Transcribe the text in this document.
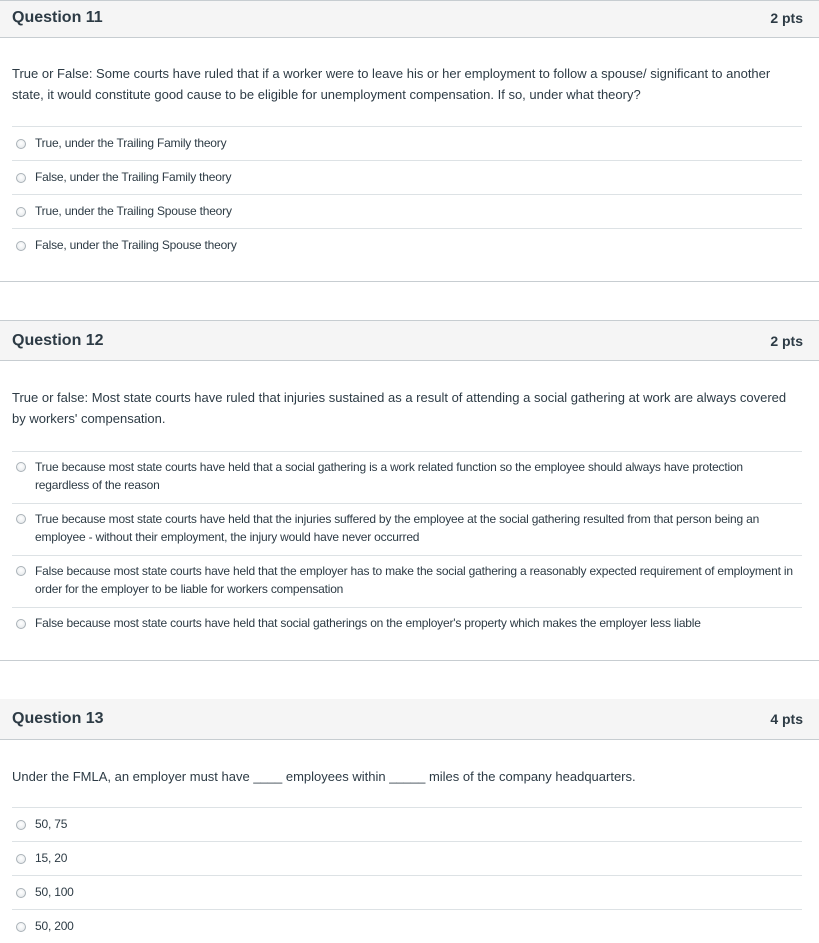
Question 11	2 pts
True or False: Some courts have ruled that if a worker were to leave his or her employment to follow a spouse/ significant to another state, it would constitute good cause to be eligible for unemployment compensation. If so, under what theory?
True, under the Trailing Family theory
False, under the Trailing Family theory
True, under the Trailing Spouse theory
False, under the Trailing Spouse theory
Question 12	2 pts
True or false: Most state courts have ruled that injuries sustained as a result of attending a social gathering at work are always covered by workers' compensation.
True because most state courts have held that a social gathering is a work related function so the employee should always have protection regardless of the reason
True because most state courts have held that the injuries suffered by the employee at the social gathering resulted from that person being an employee - without their employment, the injury would have never occurred
False because most state courts have held that the employer has to make the social gathering a reasonably expected requirement of employment in order for the employer to be liable for workers compensation
False because most state courts have held that social gatherings on the employer's property which makes the employer less liable
Question 13	4 pts
Under the FMLA, an employer must have ____ employees within _____ miles of the company headquarters.
50, 75
15, 20
50, 100
50, 200
